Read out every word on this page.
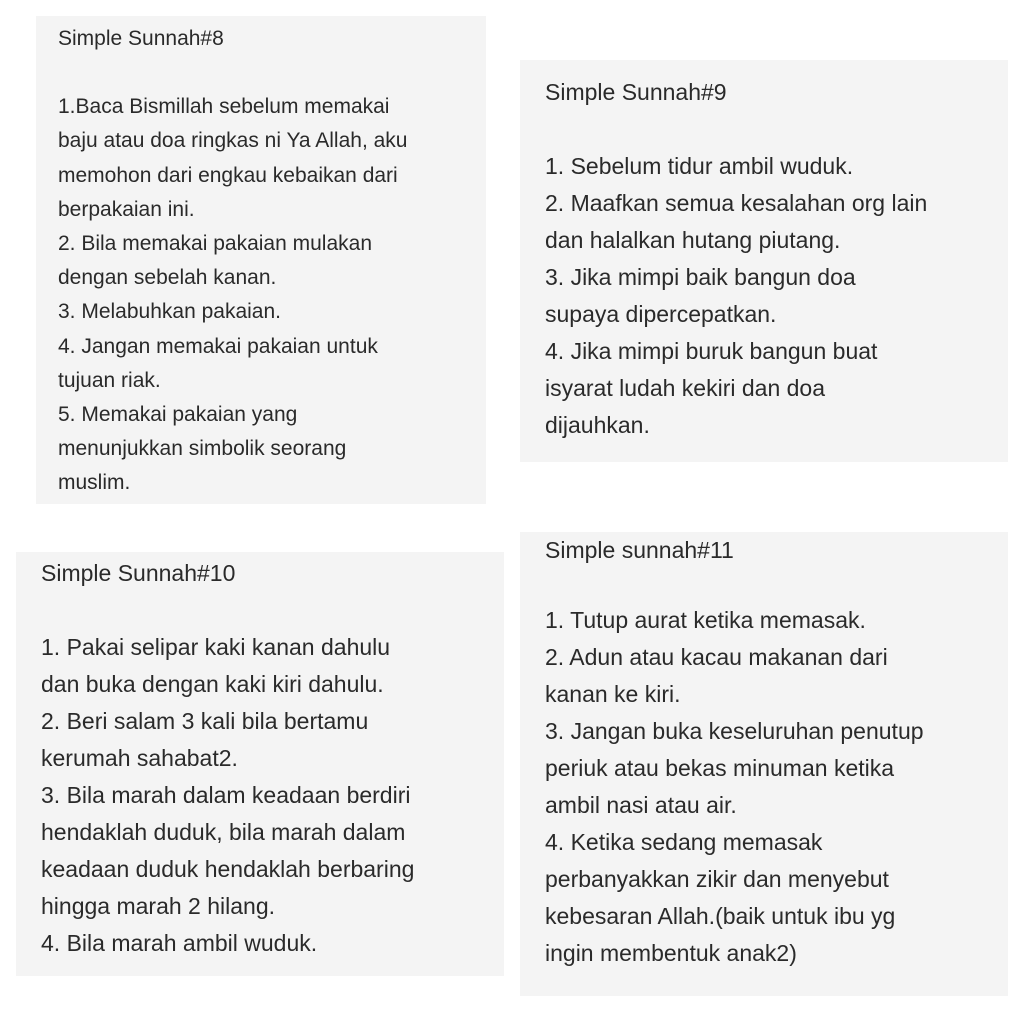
Simple Sunnah#8
1.Baca Bismillah sebelum memakai
baju atau doa ringkas ni Ya Allah, aku
memohon dari engkau kebaikan dari
berpakaian ini.
2. Bila memakai pakaian mulakan
dengan sebelah kanan.
3. Melabuhkan pakaian.
4. Jangan memakai pakaian untuk
tujuan riak.
5. Memakai pakaian yang
menunjukkan simbolik seorang
muslim.
Simple Sunnah#9
1. Sebelum tidur ambil wuduk.
2. Maafkan semua kesalahan org lain
dan halalkan hutang piutang.
3. Jika mimpi baik bangun doa
supaya dipercepatkan.
4. Jika mimpi buruk bangun buat
isyarat ludah kekiri dan doa
dijauhkan.
Simple Sunnah#10
1. Pakai selipar kaki kanan dahulu
dan buka dengan kaki kiri dahulu.
2. Beri salam 3 kali bila bertamu
kerumah sahabat2.
3. Bila marah dalam keadaan berdiri
hendaklah duduk, bila marah dalam
keadaan duduk hendaklah berbaring
hingga marah 2 hilang.
4. Bila marah ambil wuduk.
Simple sunnah#11
1. Tutup aurat ketika memasak.
2. Adun atau kacau makanan dari
kanan ke kiri.
3. Jangan buka keseluruhan penutup
periuk atau bekas minuman ketika
ambil nasi atau air.
4. Ketika sedang memasak
perbanyakkan zikir dan menyebut
kebesaran Allah.(baik untuk ibu yg
ingin membentuk anak2)
